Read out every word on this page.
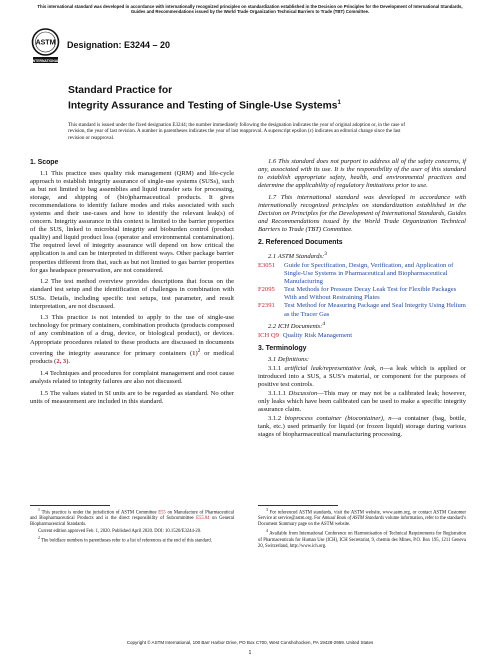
This international standard was developed in accordance with internationally recognized principles on standardization established in the Decision on Principles for the Development of International Standards, Guides and Recommendations issued by the World Trade Organization Technical Barriers to Trade (TBT) Committee.
ASTM
INTERNATIONAL
Designation: E3244 – 20
Standard Practice for
Integrity Assurance and Testing of Single-Use Systems$^1$
This standard is issued under the fixed designation E3244; the number immediately following the designation indicates the year of original adoption or, in the case of revision, the year of last revision. A number in parentheses indicates the year of last reapproval. A superscript epsilon (ε) indicates an editorial change since the last revision or reapproval.
1. Scope

1.1 This practice uses quality risk management (QRM) and life-cycle approach to establish integrity assurance of single-use systems (SUSs), such as but not limited to bag assemblies and liquid transfer sets for processing, storage, and shipping of (bio)pharmaceutical products. It gives recommendations to identify failure modes and risks associated with such systems and their use-cases and how to identify the relevant leak(s) of concern. Integrity assurance in this context is limited to the barrier properties of the SUS, linked to microbial integrity and bioburden control (product quality) and liquid product loss (operator and environmental contamination). The required level of integrity assurance will depend on how critical the application is and can be interpreted in different ways. Other package barrier properties different from that, such as but not limited to gas barrier properties for gas headspace preservation, are not considered.

1.2 The test method overview provides descriptions that focus on the standard test setup and the identification of challenges in combination with SUSs. Details, including specific test setups, test parameter, and result interpretation, are not discussed.

1.3 This practice is not intended to apply to the use of single-use technology for primary containers, combination products (products composed of any combination of a drug, device, or biological product), or devices. Appropriate procedures related to these products are discussed in documents covering the integrity assurance for primary containers $(1)^2$ or medical products (2, 3).

1.4 Techniques and procedures for complaint management and root cause analysis related to integrity failures are also not discussed.

1.5 The values stated in SI units are to be regarded as standard. No other units of measurement are included in this standard.

1.6 This standard does not purport to address all of the safety concerns, if any, associated with its use. It is the responsibility of the user of this standard to establish appropriate safety, health, and environmental practices and determine the applicability of regulatory limitations prior to use.

1.7 This international standard was developed in accordance with internationally recognized principles on standardization established in the Decision on Principles for the Development of International Standards, Guides and Recommendations issued by the World Trade Organization Technical Barriers to Trade (TBT) Committee.

2. Referenced Documents

2.1 ASTM Standards:$^3$

E3051	Guide for Specification, Design, Verification, and Application of Single-Use Systems in Pharmaceutical and Biopharmaceutical Manufacturing
F2095	Test Methods for Pressure Decay Leak Test for Flexible Packages With and Without Restraining Plates
F2391	Test Method for Measuring Package and Seal Integrity Using Helium as the Tracer Gas

2.2 ICH Documents:$^4$

ICH Q9 Quality Risk Management
3. Terminology

3.1 Definitions:

3.1.1 artificial leak/representative leak, n—a leak which is applied or introduced into a SUS, a SUS’s material, or component for the purposes of positive test controls.

3.1.1.1 Discussion—This may or may not be a calibrated leak; however, only leaks which have been calibrated can be used to make a specific integrity assurance claim.

3.1.2 bioprocess container (biocontainer), n—a container (bag, bottle, tank, etc.) used primarily for liquid (or frozen liquid) storage during various stages of biopharmaceutical manufacturing processing.

$^1$ This practice is under the jurisdiction of ASTM Committee E55 on Manufacture of Pharmaceutical and Biopharmaceutical Products and is the direct responsibility of Subcommittee E55.04 on General Biopharmaceutical Standards.

Current edition approved Feb. 1, 2020. Published April 2020. DOI: 10.1520/E3244-20.

$^2$ The boldface numbers in parentheses refer to a list of references at the end of this standard.

$^3$ For referenced ASTM standards, visit the ASTM website, www.astm.org, or contact ASTM Customer Service at service@astm.org. For Annual Book of ASTM Standards volume information, refer to the standard’s Document Summary page on the ASTM website.

$^4$ Available from International Conference on Harmonisation of Technical Requirements for Registration of Pharmaceuticals for Human Use (ICH), ICH Secretariat, 9, chemin des Mines, P.O. Box 195, 1211 Geneva 20, Switzerland, http://www.ich.org.

Copyright © ASTM International, 100 Barr Harbor Drive, PO Box C700, West Conshohocken, PA 19428-2959. United States
1
